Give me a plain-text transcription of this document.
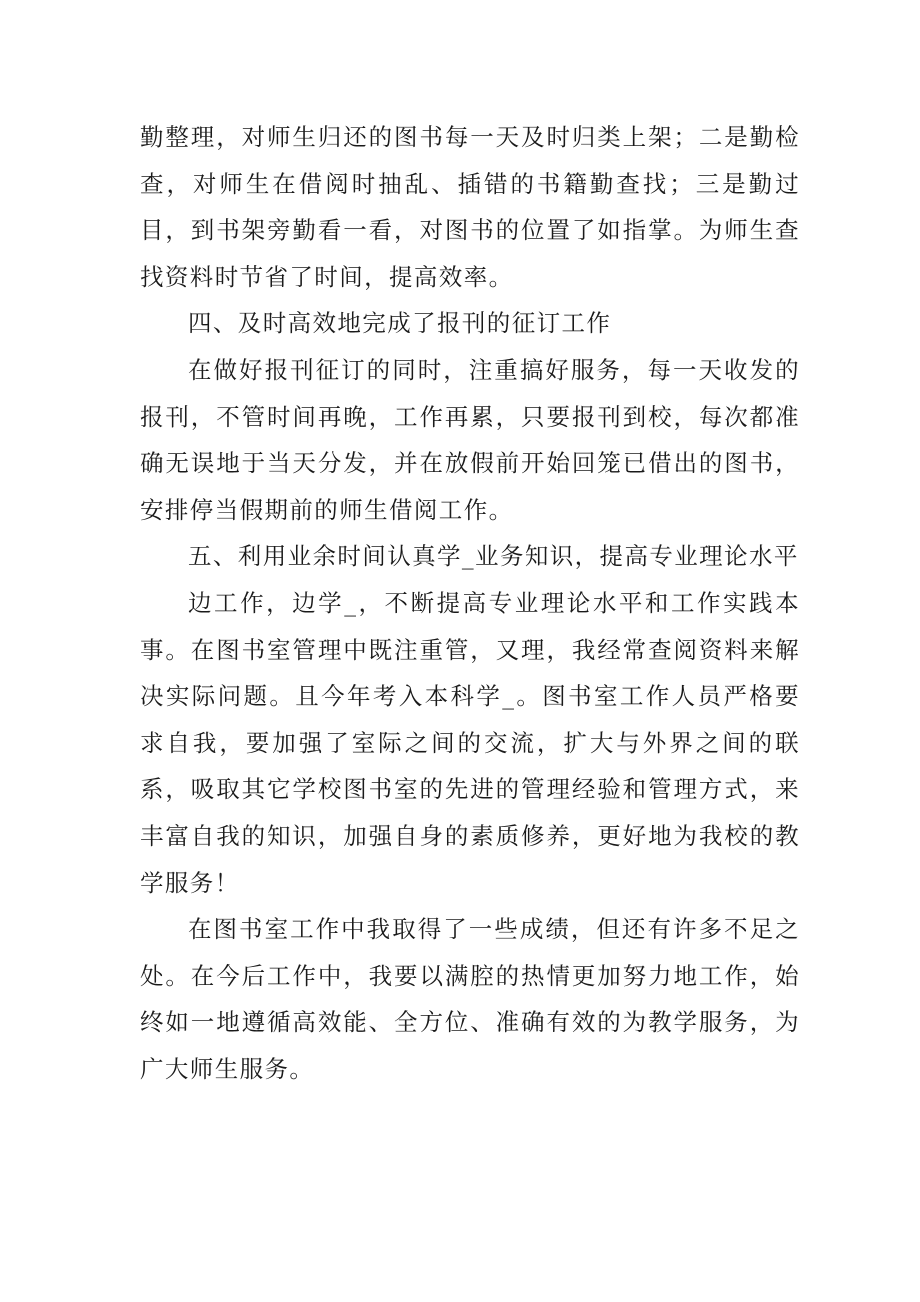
勤整理，对师生归还的图书每一天及时归类上架；二是勤检查，对师生在借阅时抽乱、插错的书籍勤查找；三是勤过目，到书架旁勤看一看，对图书的位置了如指掌。为师生查找资料时节省了时间，提高效率。

四、及时高效地完成了报刊的征订工作

在做好报刊征订的同时，注重搞好服务，每一天收发的报刊，不管时间再晚，工作再累，只要报刊到校，每次都准确无误地于当天分发，并在放假前开始回笼已借出的图书，安排停当假期前的师生借阅工作。

五、利用业余时间认真学_业务知识，提高专业理论水平

边工作，边学_，不断提高专业理论水平和工作实践本事。在图书室管理中既注重管，又理，我经常查阅资料来解决实际问题。且今年考入本科学_。图书室工作人员严格要求自我，要加强了室际之间的交流，扩大与外界之间的联系，吸取其它学校图书室的先进的管理经验和管理方式，来丰富自我的知识，加强自身的素质修养，更好地为我校的教学服务！

在图书室工作中我取得了一些成绩，但还有许多不足之处。在今后工作中，我要以满腔的热情更加努力地工作，始终如一地遵循高效能、全方位、准确有效的为教学服务，为广大师生服务。
